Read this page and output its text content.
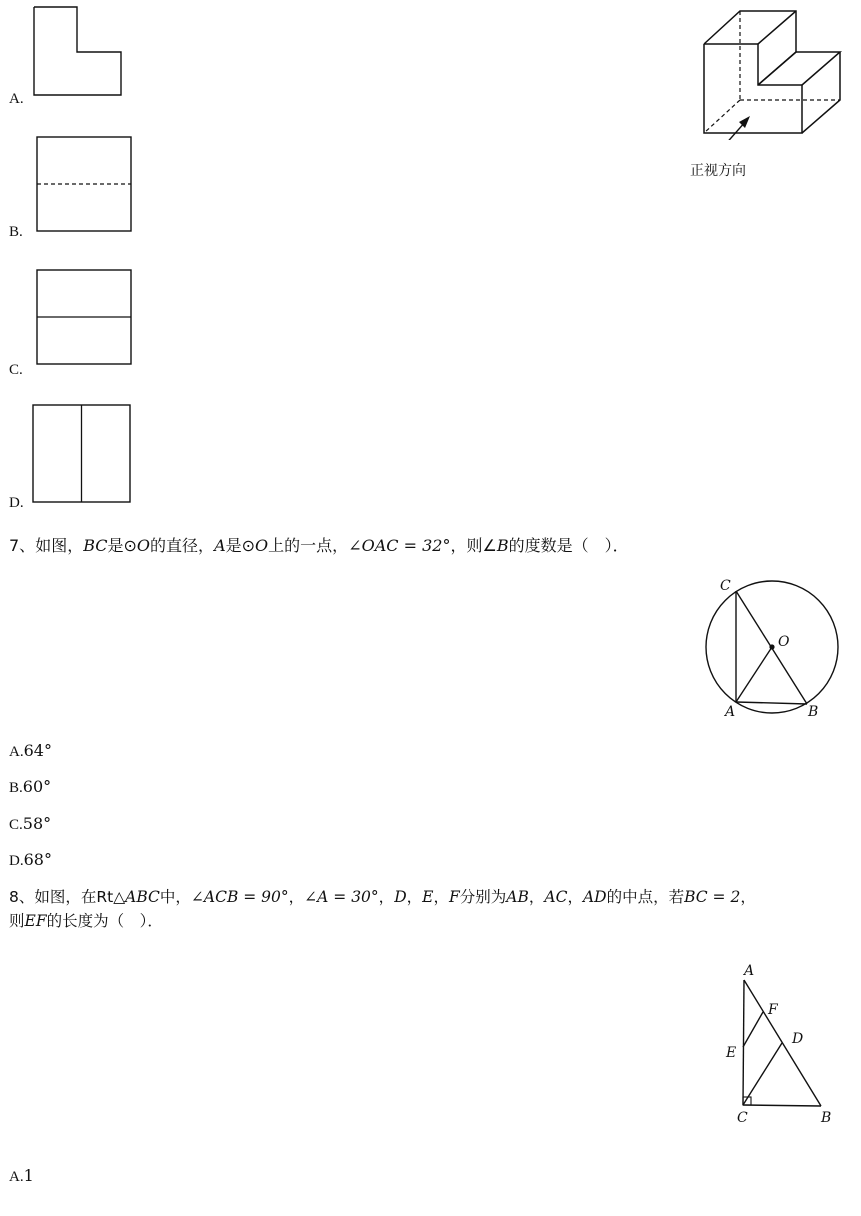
A.
B.
C.
D.
正视方向
7、如图，BC是⊙O的直径，A是⊙O上的一点，∠OAC = 32°，则∠B的度数是（　）．
C
O
A	B
A.64°
B.60°
C.58°
D.68°
8、如图，在Rt△ABC中，∠ACB = 90°，∠A = 30°，D，E，F分别为AB，AC，AD的中点，若BC = 2，
则EF的长度为（　）．
A
F
D
E
C	B
A.1
